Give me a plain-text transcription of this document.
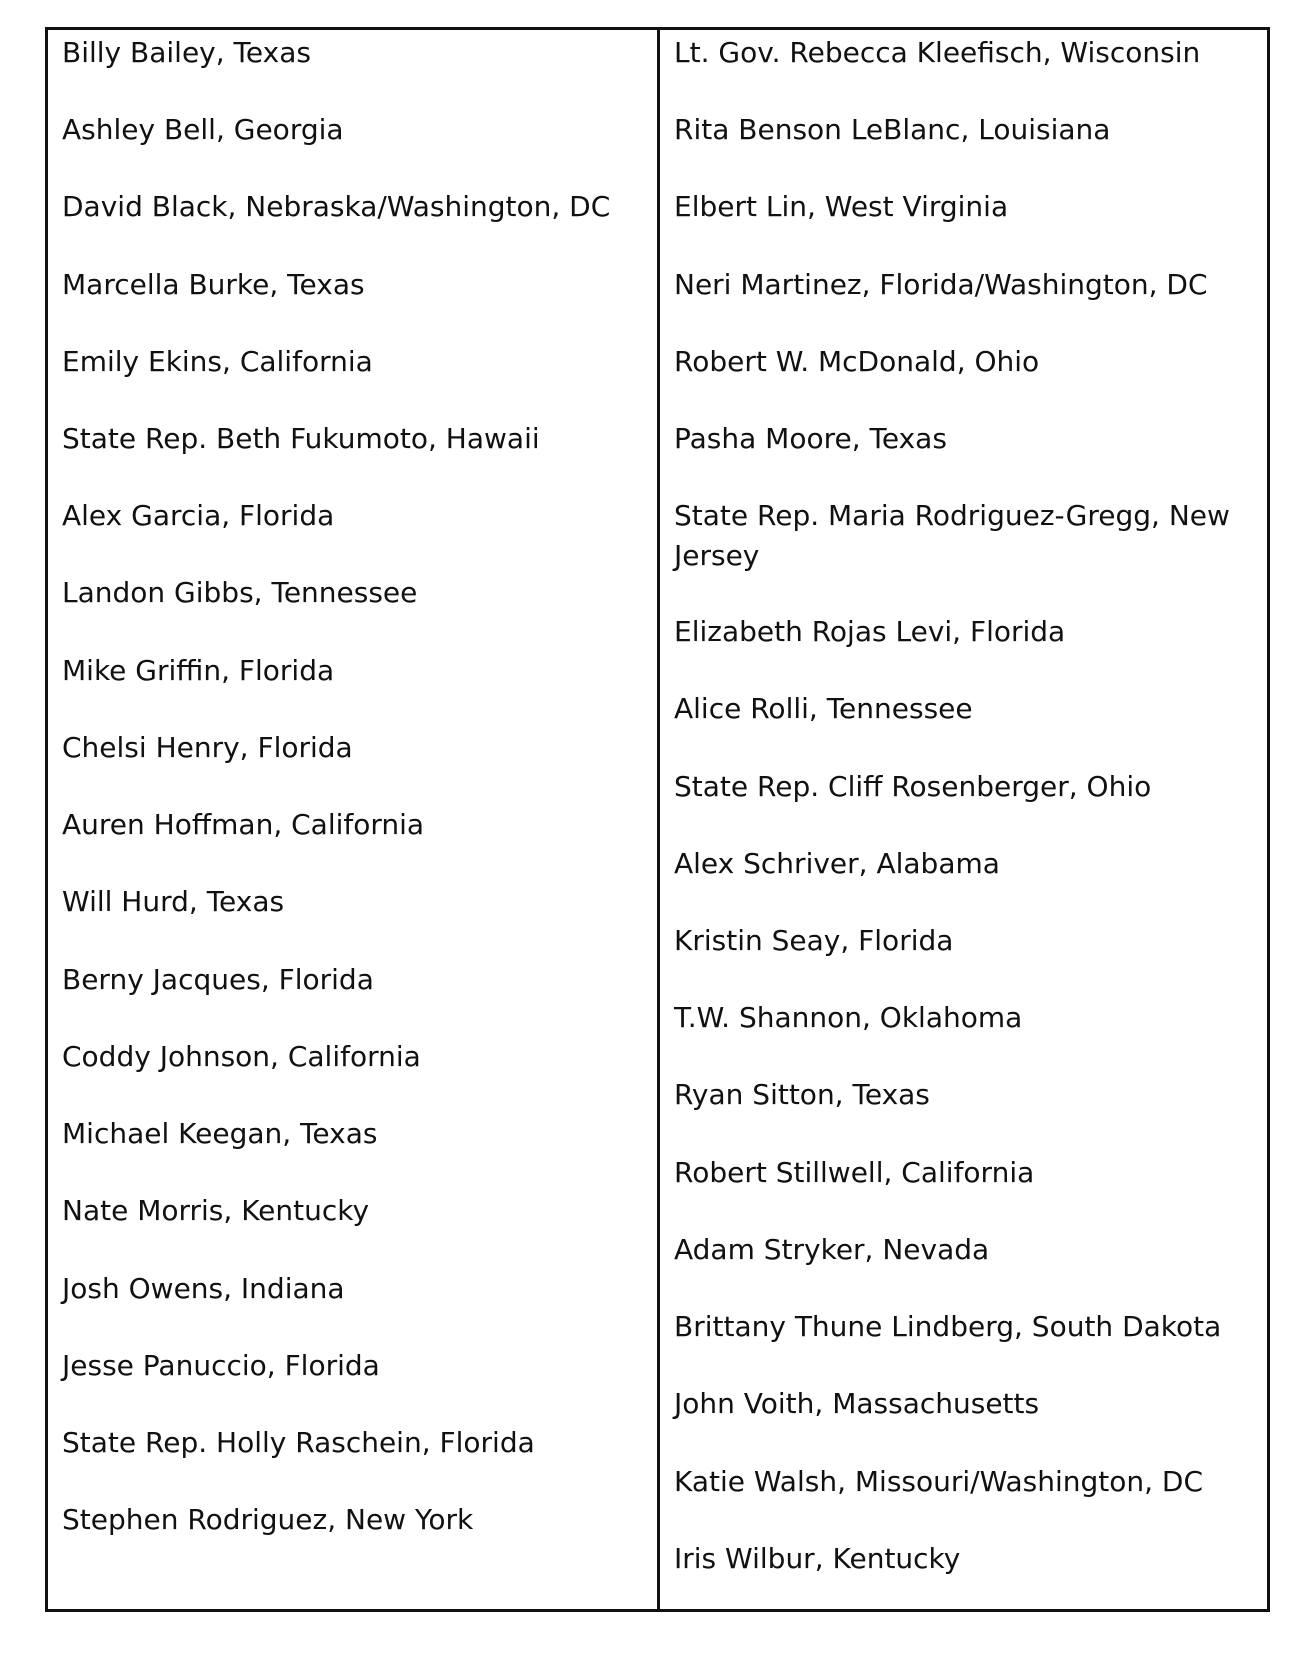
Billy Bailey, Texas
Ashley Bell, Georgia
David Black, Nebraska/Washington, DC
Marcella Burke, Texas
Emily Ekins, California
State Rep. Beth Fukumoto, Hawaii
Alex Garcia, Florida
Landon Gibbs, Tennessee
Mike Griffin, Florida
Chelsi Henry, Florida
Auren Hoffman, California
Will Hurd, Texas
Berny Jacques, Florida
Coddy Johnson, California
Michael Keegan, Texas
Nate Morris, Kentucky
Josh Owens, Indiana
Jesse Panuccio, Florida
State Rep. Holly Raschein, Florida
Stephen Rodriguez, New York
Lt. Gov. Rebecca Kleefisch, Wisconsin
Rita Benson LeBlanc, Louisiana
Elbert Lin, West Virginia
Neri Martinez, Florida/Washington, DC
Robert W. McDonald, Ohio
Pasha Moore, Texas
State Rep. Maria Rodriguez-Gregg, New Jersey
Elizabeth Rojas Levi, Florida
Alice Rolli, Tennessee
State Rep. Cliff Rosenberger, Ohio
Alex Schriver, Alabama
Kristin Seay, Florida
T.W. Shannon, Oklahoma
Ryan Sitton, Texas
Robert Stillwell, California
Adam Stryker, Nevada
Brittany Thune Lindberg, South Dakota
John Voith, Massachusetts
Katie Walsh, Missouri/Washington, DC
Iris Wilbur, Kentucky
